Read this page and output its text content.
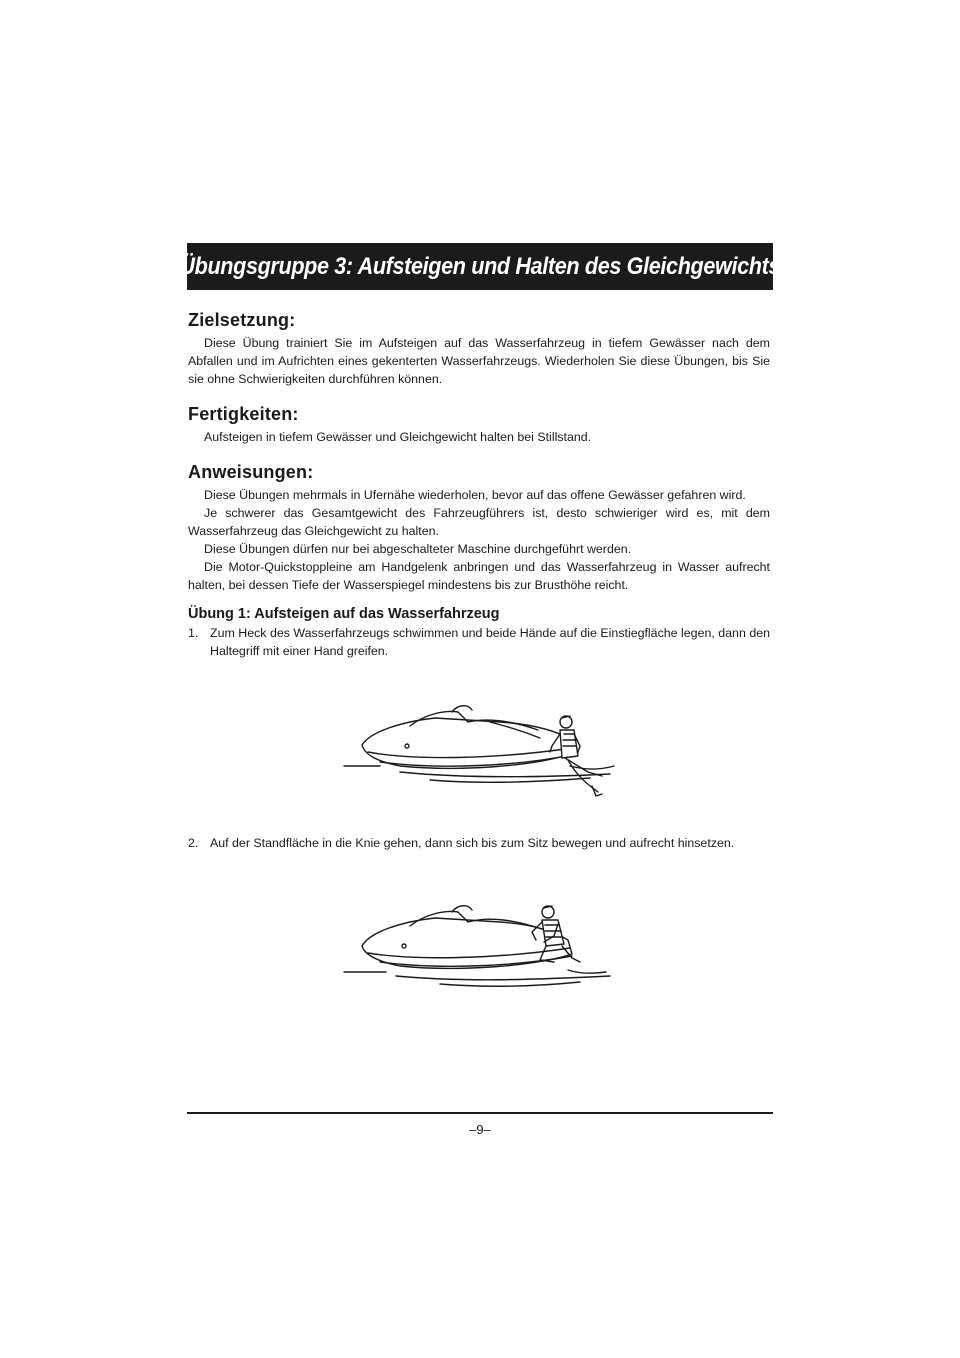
Übungsgruppe 3: Aufsteigen und Halten des Gleichgewichts
Zielsetzung:

Diese Übung trainiert Sie im Aufsteigen auf das Wasserfahrzeug in tiefem Gewässer nach dem Abfallen und im Aufrichten eines gekenterten Wasserfahrzeugs. Wiederholen Sie diese Übungen, bis Sie sie ohne Schwierigkeiten durchführen können.

Fertigkeiten:

Aufsteigen in tiefem Gewässer und Gleichgewicht halten bei Stillstand.

Anweisungen:

Diese Übungen mehrmals in Ufernähe wiederholen, bevor auf das offene Gewässer gefahren wird.

Je schwerer das Gesamtgewicht des Fahrzeugführers ist, desto schwieriger wird es, mit dem Wasserfahrzeug das Gleichgewicht zu halten.

Diese Übungen dürfen nur bei abgeschalteter Maschine durchgeführt werden.

Die Motor-Quickstoppleine am Handgelenk anbringen und das Wasserfahrzeug in Wasser aufrecht halten, bei dessen Tiefe der Wasserspiegel mindestens bis zur Brusthöhe reicht.

Übung 1: Aufsteigen auf das Wasserfahrzeug
1. Zum Heck des Wasserfahrzeugs schwimmen und beide Hände auf die Einstiegfläche legen, dann den Haltegriff mit einer Hand greifen.
2. Auf der Standfläche in die Knie gehen, dann sich bis zum Sitz bewegen und aufrecht hinsetzen.
–9–
